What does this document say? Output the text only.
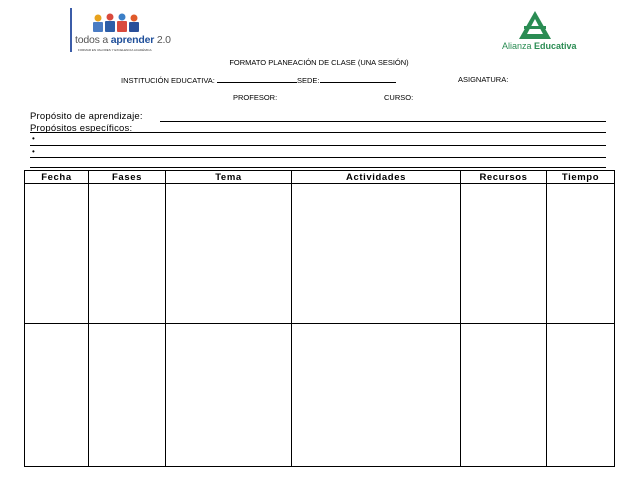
todos a aprender 2.0
FORMAR EN VALORES Y EXCELENCIA ACADÉMICA	Alianza Educativa
FORMATO PLANEACIÓN DE CLASE (UNA SESIÓN)
INSTITUCIÓN EDUCATIVA:	SEDE:	ASIGNATURA:
PROFESOR:	CURSO:
Propósito de aprendizaje:
Propósitos específicos:
•
•
Fecha	Fases	Tema	Actividades	Recursos	Tiempo
